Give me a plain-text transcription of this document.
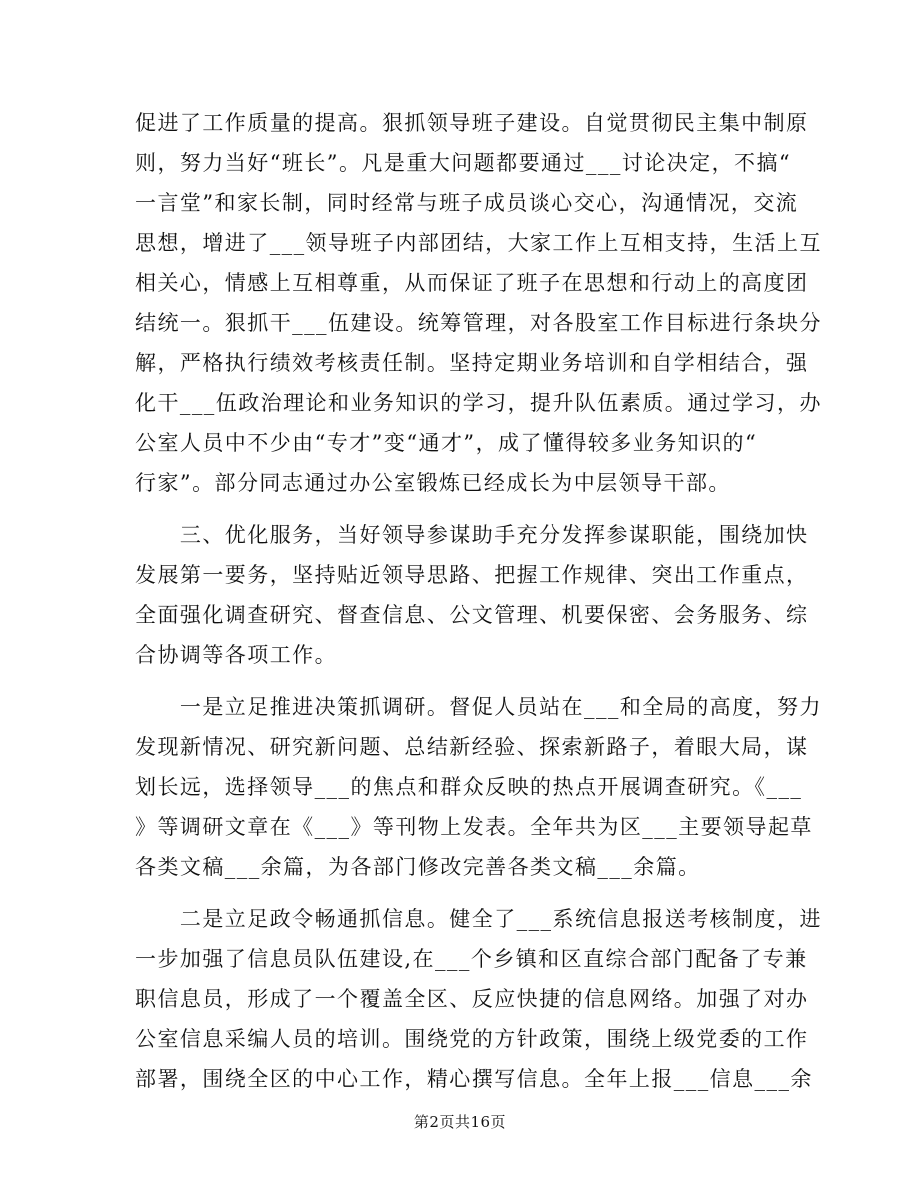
促进了工作质量的提高。狠抓领导班子建设。自觉贯彻民主集中制原
则，努力当好“班长”。凡是重大问题都要通过___讨论决定，不搞“
一言堂”和家长制，同时经常与班子成员谈心交心，沟通情况，交流
思想，增进了___领导班子内部团结，大家工作上互相支持，生活上互
相关心，情感上互相尊重，从而保证了班子在思想和行动上的高度团
结统一。狠抓干___伍建设。统筹管理，对各股室工作目标进行条块分
解，严格执行绩效考核责任制。坚持定期业务培训和自学相结合，强
化干___伍政治理论和业务知识的学习，提升队伍素质。通过学习，办
公室人员中不少由“专才”变“通才”，成了懂得较多业务知识的“
行家”。部分同志通过办公室锻炼已经成长为中层领导干部。
　　三、优化服务，当好领导参谋助手充分发挥参谋职能，围绕加快
发展第一要务，坚持贴近领导思路、把握工作规律、突出工作重点，
全面强化调查研究、督查信息、公文管理、机要保密、会务服务、综
合协调等各项工作。
　　一是立足推进决策抓调研。督促人员站在___和全局的高度，努力
发现新情况、研究新问题、总结新经验、探索新路子，着眼大局，谋
划长远，选择领导___的焦点和群众反映的热点开展调查研究。《___
》等调研文章在《___》等刊物上发表。全年共为区___主要领导起草
各类文稿___余篇，为各部门修改完善各类文稿___余篇。
　　二是立足政令畅通抓信息。健全了___系统信息报送考核制度，进
一步加强了信息员队伍建设,在___个乡镇和区直综合部门配备了专兼
职信息员，形成了一个覆盖全区、反应快捷的信息网络。加强了对办
公室信息采编人员的培训。围绕党的方针政策，围绕上级党委的工作
部署，围绕全区的中心工作，精心撰写信息。全年上报___信息___余
第2页共16页
